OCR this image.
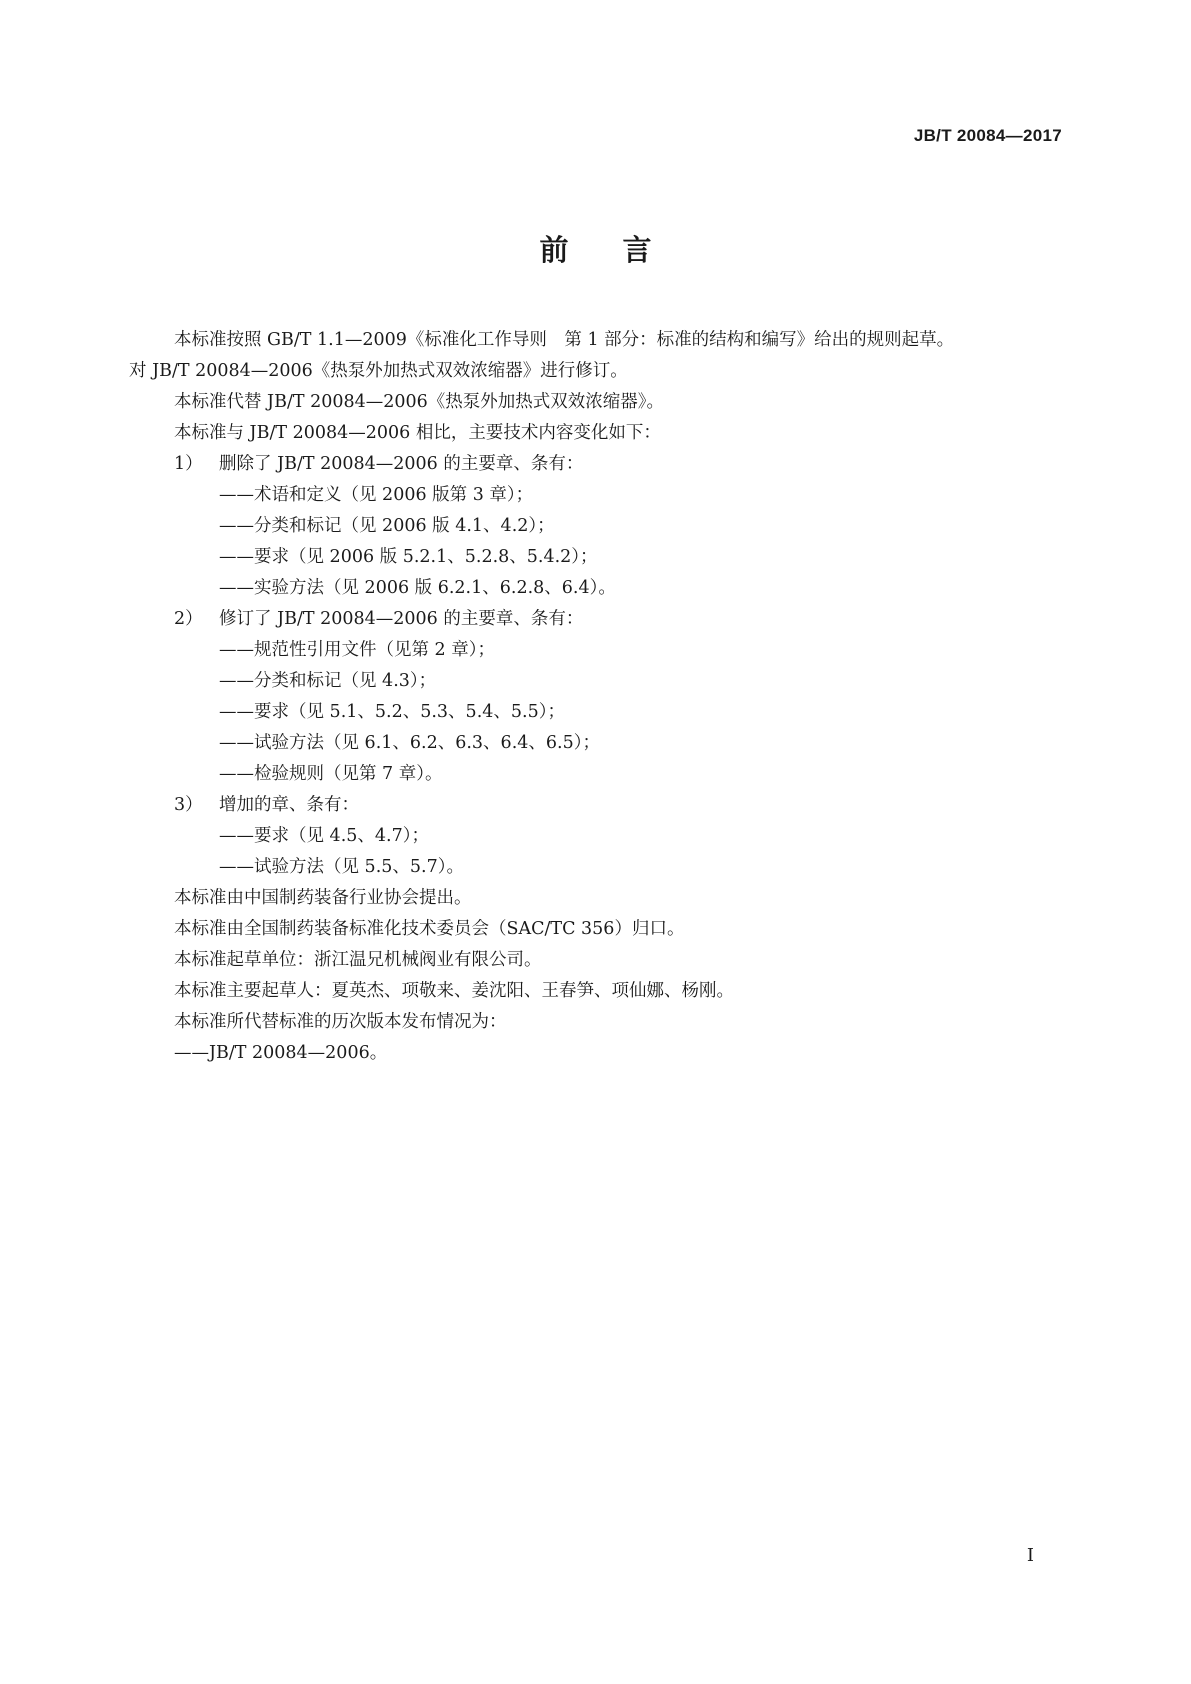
JB/T 20084—2017
前 言
本标准按照 GB/T 1.1—2009《标准化工作导则　第 1 部分：标准的结构和编写》给出的规则起草。
对 JB/T 20084—2006《热泵外加热式双效浓缩器》进行修订。
本标准代替 JB/T 20084—2006《热泵外加热式双效浓缩器》。
本标准与 JB/T 20084—2006 相比，主要技术内容变化如下：
1） 删除了 JB/T 20084—2006 的主要章、条有：
——术语和定义（见 2006 版第 3 章）；
——分类和标记（见 2006 版 4.1、4.2）；
——要求（见 2006 版 5.2.1、5.2.8、5.4.2）；
——实验方法（见 2006 版 6.2.1、6.2.8、6.4）。
2） 修订了 JB/T 20084—2006 的主要章、条有：
——规范性引用文件（见第 2 章）；
——分类和标记（见 4.3）；
——要求（见 5.1、5.2、5.3、5.4、5.5）；
——试验方法（见 6.1、6.2、6.3、6.4、6.5）；
——检验规则（见第 7 章）。
3） 增加的章、条有：
——要求（见 4.5、4.7）；
——试验方法（见 5.5、5.7）。
本标准由中国制药装备行业协会提出。
本标准由全国制药装备标准化技术委员会（SAC/TC 356）归口。
本标准起草单位：浙江温兄机械阀业有限公司。
本标准主要起草人：夏英杰、项敬来、姜沈阳、王春笋、项仙娜、杨刚。
本标准所代替标准的历次版本发布情况为：
——JB/T 20084—2006。
I
